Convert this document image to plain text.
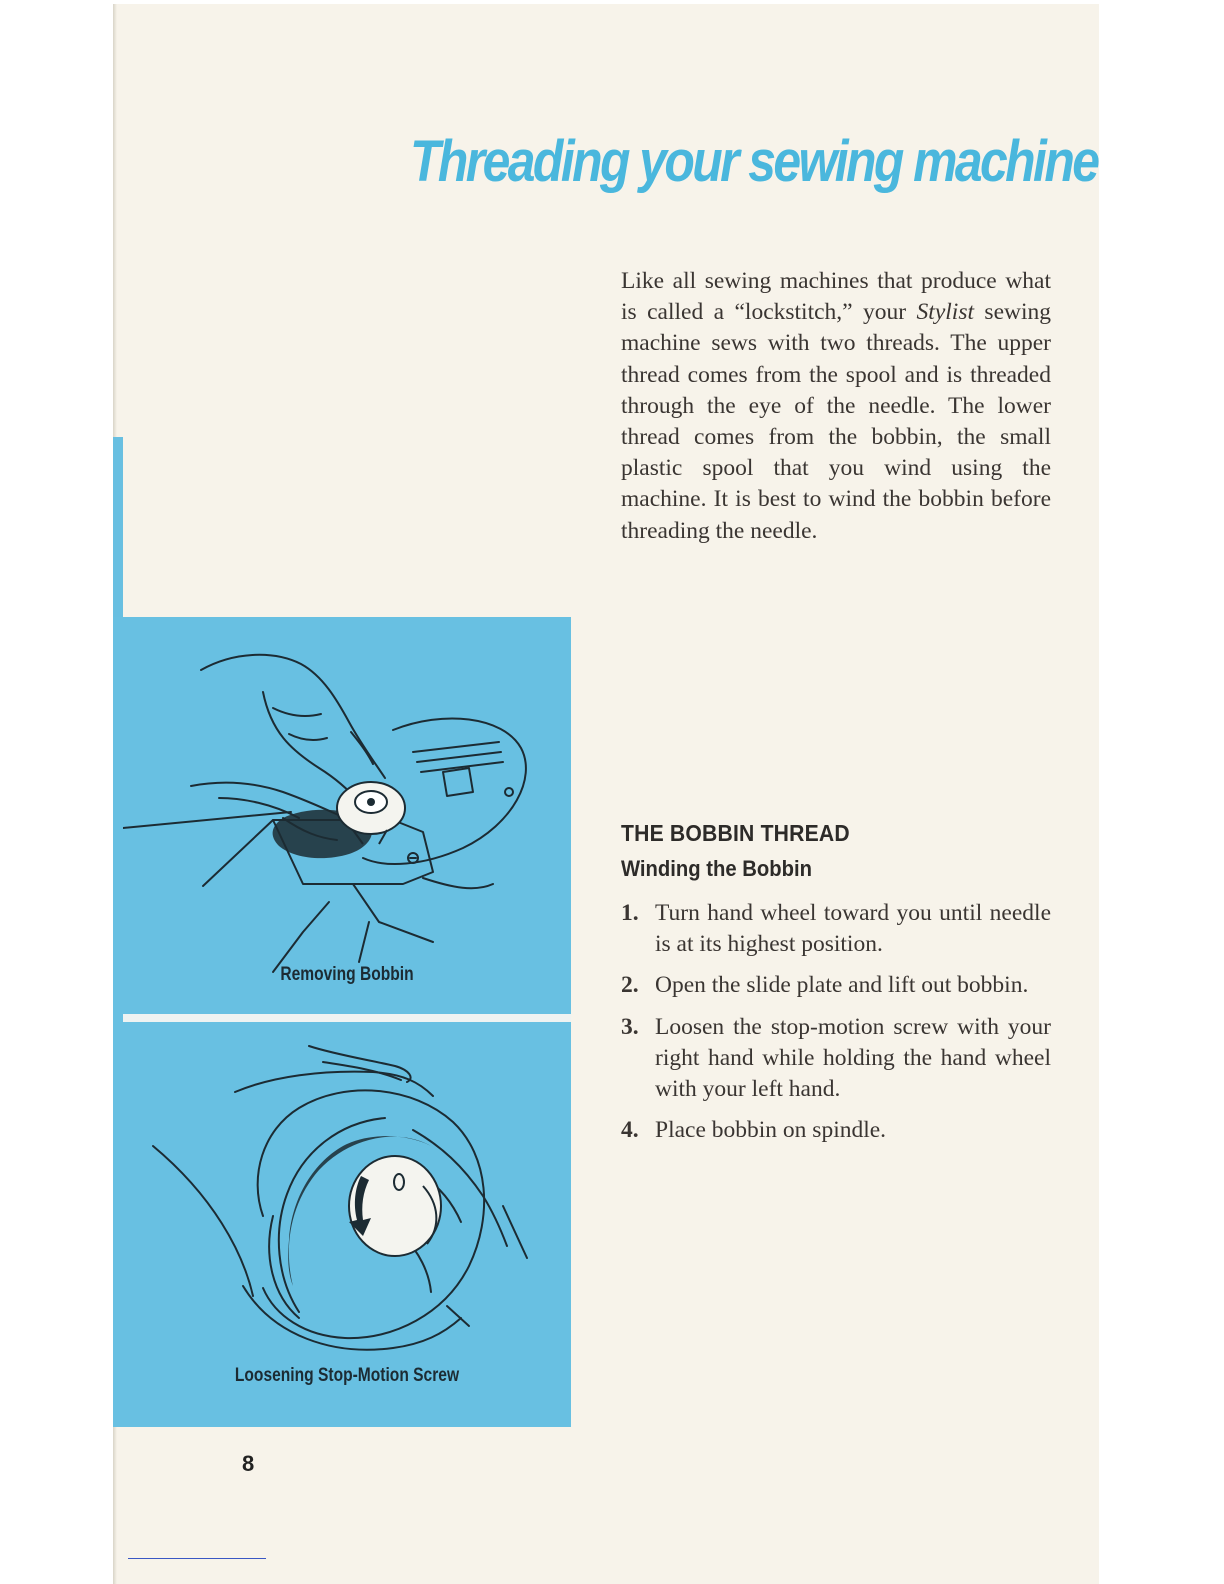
Threading your sewing machine

Like all sewing machines that produce what is called a “lockstitch,” your Stylist sewing machine sews with two threads. The upper thread comes from the spool and is threaded through the eye of the needle. The lower thread comes from the bobbin, the small plastic spool that you wind using the machine. It is best to wind the bobbin before threading the needle.

Removing Bobbin

Loosening Stop-Motion Screw

THE BOBBIN THREAD
Winding the Bobbin
1. Turn hand wheel toward you until needle is at its highest position.
2. Open the slide plate and lift out bobbin.
3. Loosen the stop-motion screw with your right hand while holding the hand wheel with your left hand.
4. Place bobbin on spindle.

8
